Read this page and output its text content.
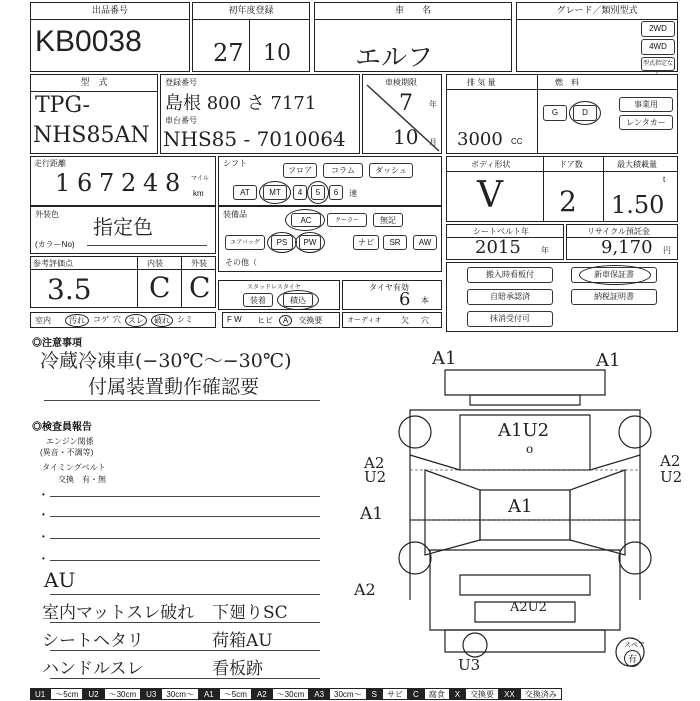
出品番号
KB0038
初年度登録
27 10
車　　名
エルフ
グレード／類別型式
2WD
4WD
型式指定な
型　式
TPG-
NHS85AN
登録番号
島根 800 さ 7171
車台番号
NHS85 - 7010064
車検期限
7 年
10 月
排 気 量	燃　料
3000 CC
G	D
事業用
レンタカー
走行距離
1 6 7 2 4 8	マイル
km
シフト
フロア	コラム	ダッシュ
AT	MT	4	5	6	速
ボディ形状	ドア数	最大積載量
V 2
t
1.50
外装色
指定色
(カラーNo)
装備品
AC	クーラー	無記
エアバッグ	PS	PW	ナビ	SR	AW
その他（
シートベルト年
2015	年
リサイクル預託金
9,170 円
参考評価点	内装	外装
3.5 C C	スタッドレスタイヤ
装着	積込
タイヤ有効
6 本
搬入時看板付	新車保証書
自賠承認済	納税証明書
抹消受付可
室内	汚れ	コゲ 穴 スレ	破れ シミ	F W ヒビ	A	交換要	オーディオ 欠 穴
◎注意事項
冷蔵冷凍車(−30℃〜−30℃)
付属装置動作確認要
◎検査員報告
エンジン関係
(異音・不調等)
タイミングベルト
交換　有・無
•
•
•
•
AU
室内マットスレ破れ 下廻りSC
シートヘタリ	荷箱AU
ハンドルスレ	看板跡
A1	A1
A1U2
o
A2
U2
A1
A2
U2
A1
A2
A2U2
U3
スペア
有
U1	〜5cm	U2	〜30cm	U3	30cm〜	A1	〜5cm	A2	〜30cm	A3	30cm〜	S	サビ	C	腐食	X	交換要	XX	交換済み
